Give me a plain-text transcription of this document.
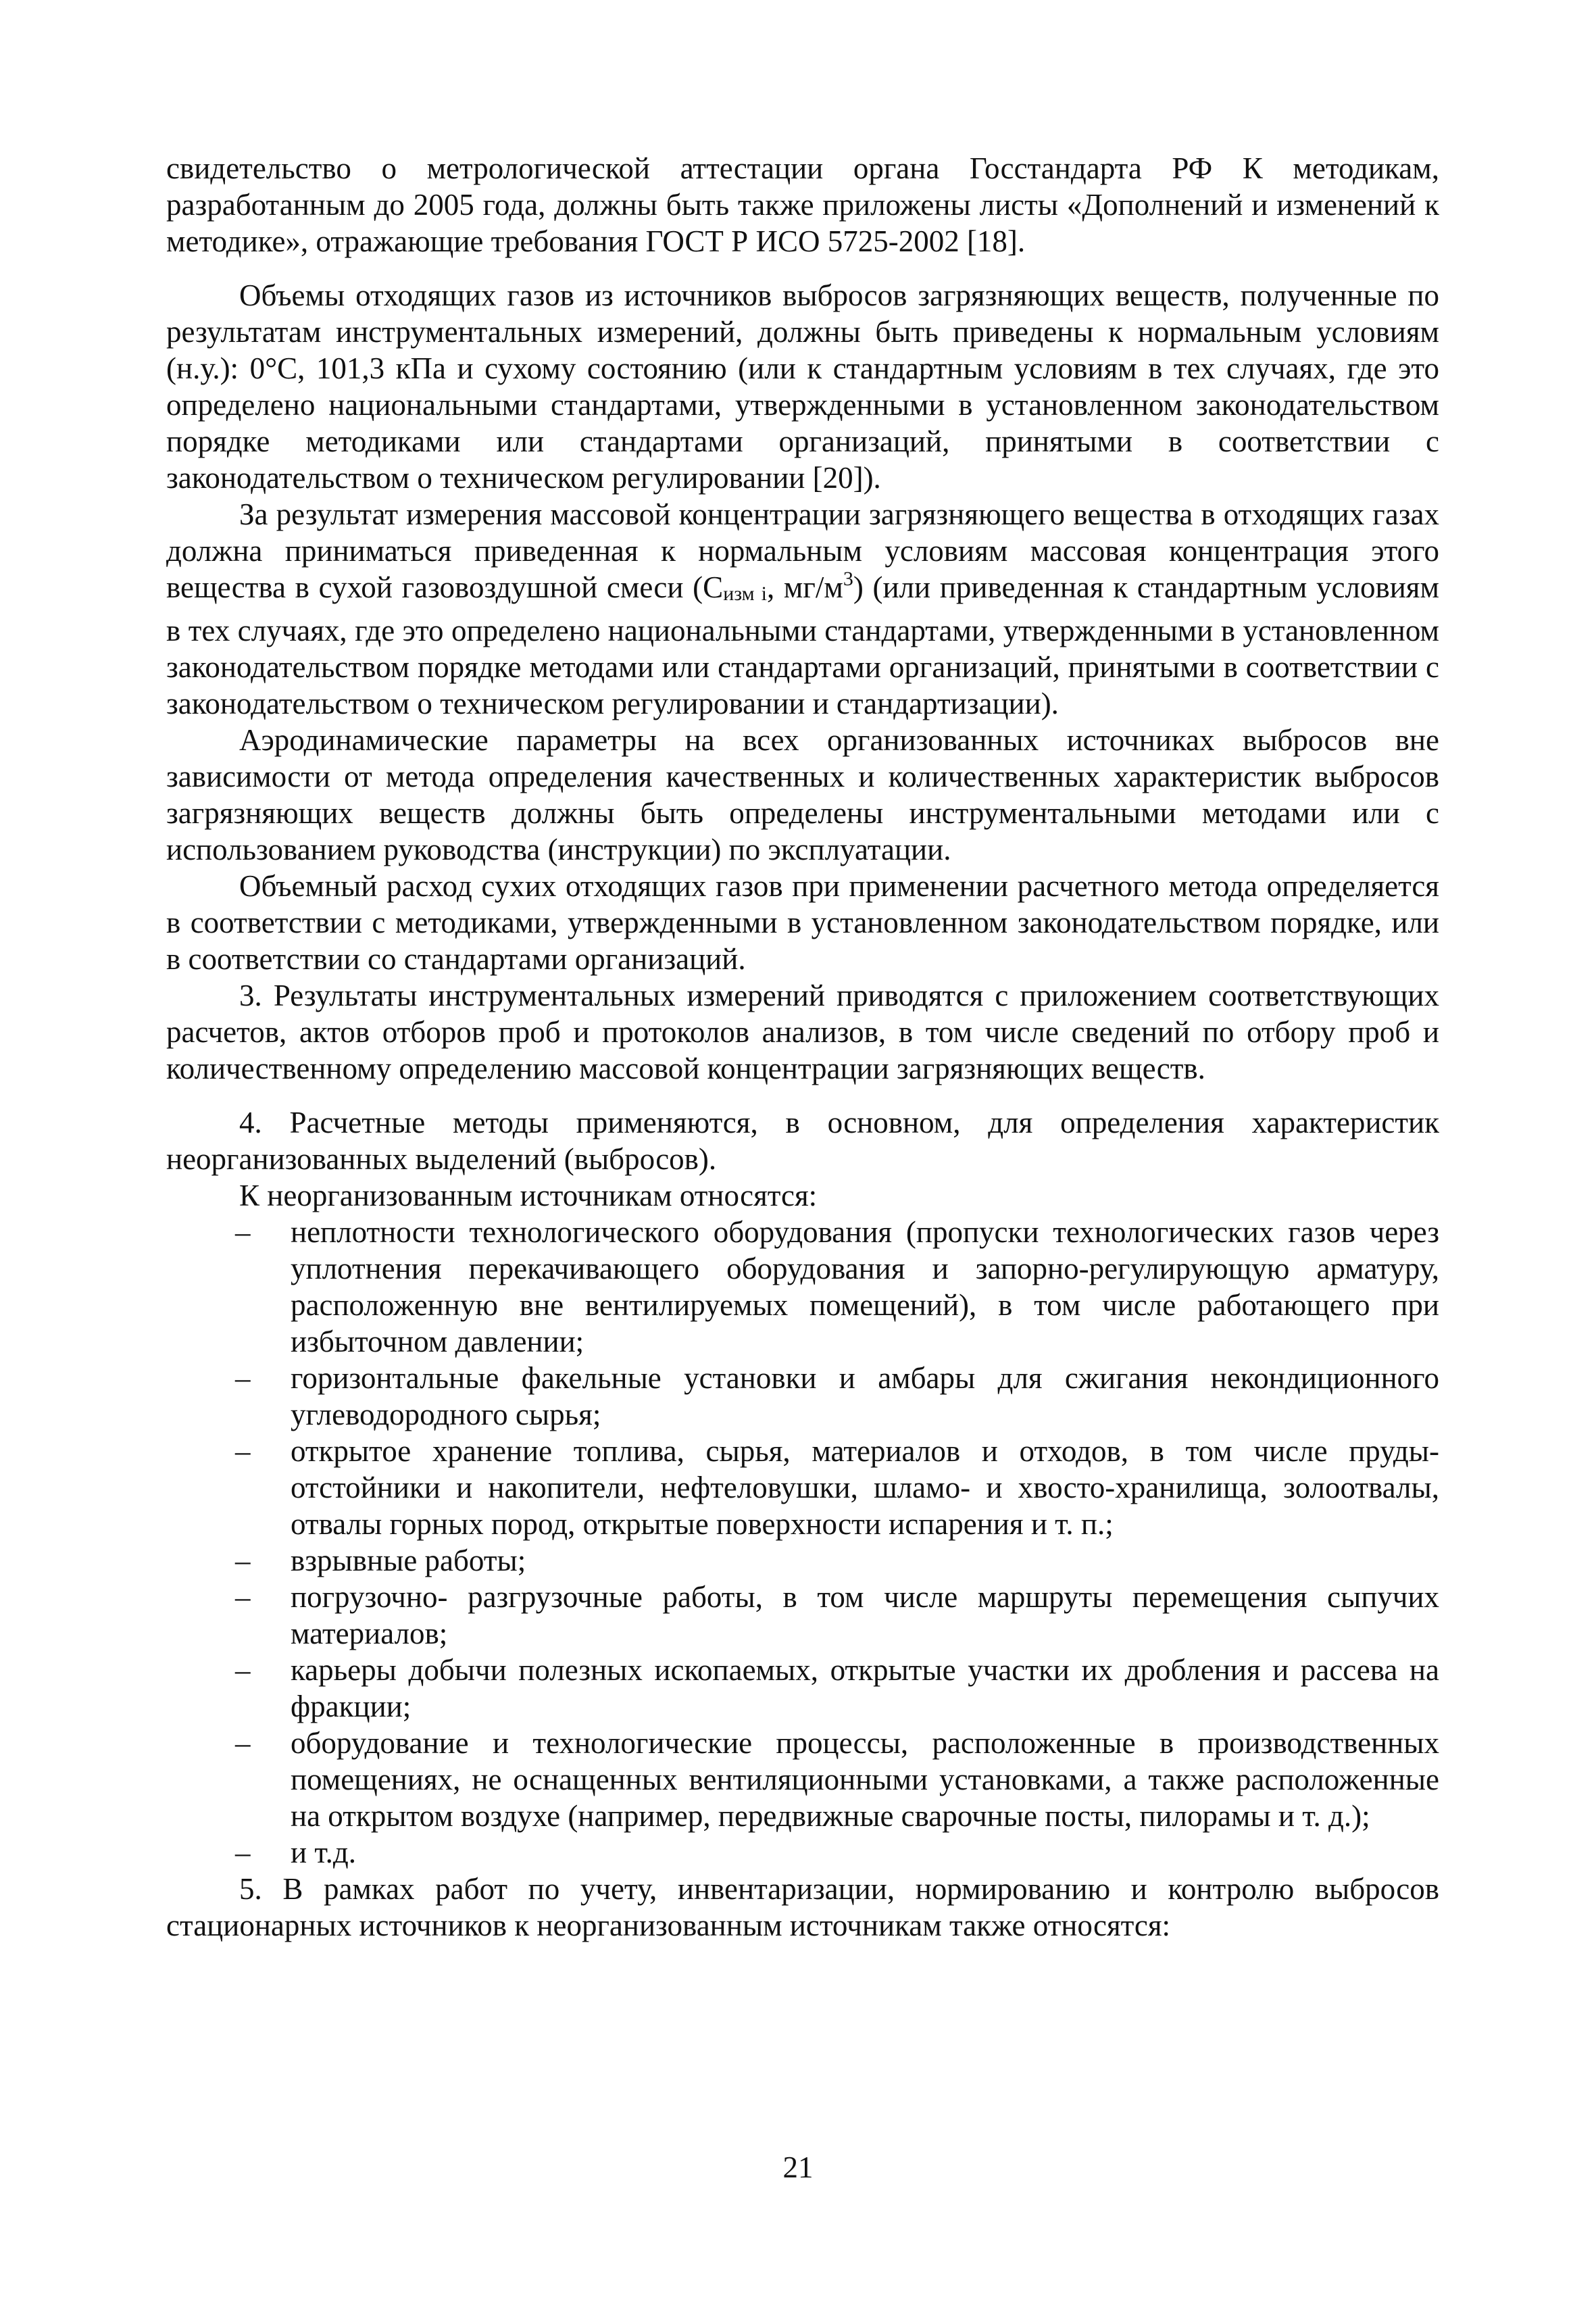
свидетельство о метрологической аттестации органа Госстандарта РФ К методикам, разработанным до 2005 года, должны быть также приложены листы «Дополнений и изменений к методике», отражающие требования ГОСТ Р ИСО 5725-2002 [18].

Объемы отходящих газов из источников выбросов загрязняющих веществ, полученные по результатам инструментальных измерений, должны быть приведены к нормальным условиям (н.у.): 0°С, 101,3 кПа и сухому состоянию (или к стандартным условиям в тех случаях, где это определено национальными стандартами, утвержденными в установленном законодательством порядке методиками или стандартами организаций, принятыми в соответствии с законодательством о техническом регулировании [20]).

За результат измерения массовой концентрации загрязняющего вещества в отходящих газах должна приниматься приведенная к нормальным условиям массовая концентрация этого вещества в сухой газовоздушной смеси (Сизм i, $мг/м^3$) (или приведенная к стандартным условиям в тех случаях, где это определено национальными стандартами, утвержденными в установленном законодательством порядке методами или стандартами организаций, принятыми в соответствии с законодательством о техническом регулировании и стандартизации).

Аэродинамические параметры на всех организованных источниках выбросов вне зависимости от метода определения качественных и количественных характеристик выбросов загрязняющих веществ должны быть определены инструментальными методами или с использованием руководства (инструкции) по эксплуатации.

Объемный расход сухих отходящих газов при применении расчетного метода определяется в соответствии с методиками, утвержденными в установленном законодательством порядке, или в соответствии со стандартами организаций.

3. Результаты инструментальных измерений приводятся с приложением соответствующих расчетов, актов отборов проб и протоколов анализов, в том числе сведений по отбору проб и количественному определению массовой концентрации загрязняющих веществ.

4. Расчетные методы применяются, в основном, для определения характеристик неорганизованных выделений (выбросов).

К неорганизованным источникам относятся:

– неплотности технологического оборудования (пропуски технологических газов через уплотнения перекачивающего оборудования и запорно-регулирующую арматуру, расположенную вне вентилируемых помещений), в том числе работающего при избыточном давлении;
– горизонтальные факельные установки и амбары для сжигания некондиционного углеводородного сырья;
– открытое хранение топлива, сырья, материалов и отходов, в том числе пруды-отстойники и накопители, нефтеловушки, шламо- и хвосто-хранилища, золоотвалы, отвалы горных пород, открытые поверхности испарения и т. п.;
– взрывные работы;
– погрузочно- разгрузочные работы, в том числе маршруты перемещения сыпучих материалов;
– карьеры добычи полезных ископаемых, открытые участки их дробления и рассева на фракции;
– оборудование и технологические процессы, расположенные в производственных помещениях, не оснащенных вентиляционными установками, а также расположенные на открытом воздухе (например, передвижные сварочные посты, пилорамы и т. д.);
– и т.д.

5. В рамках работ по учету, инвентаризации, нормированию и контролю выбросов стационарных источников к неорганизованным источникам также относятся:

21
